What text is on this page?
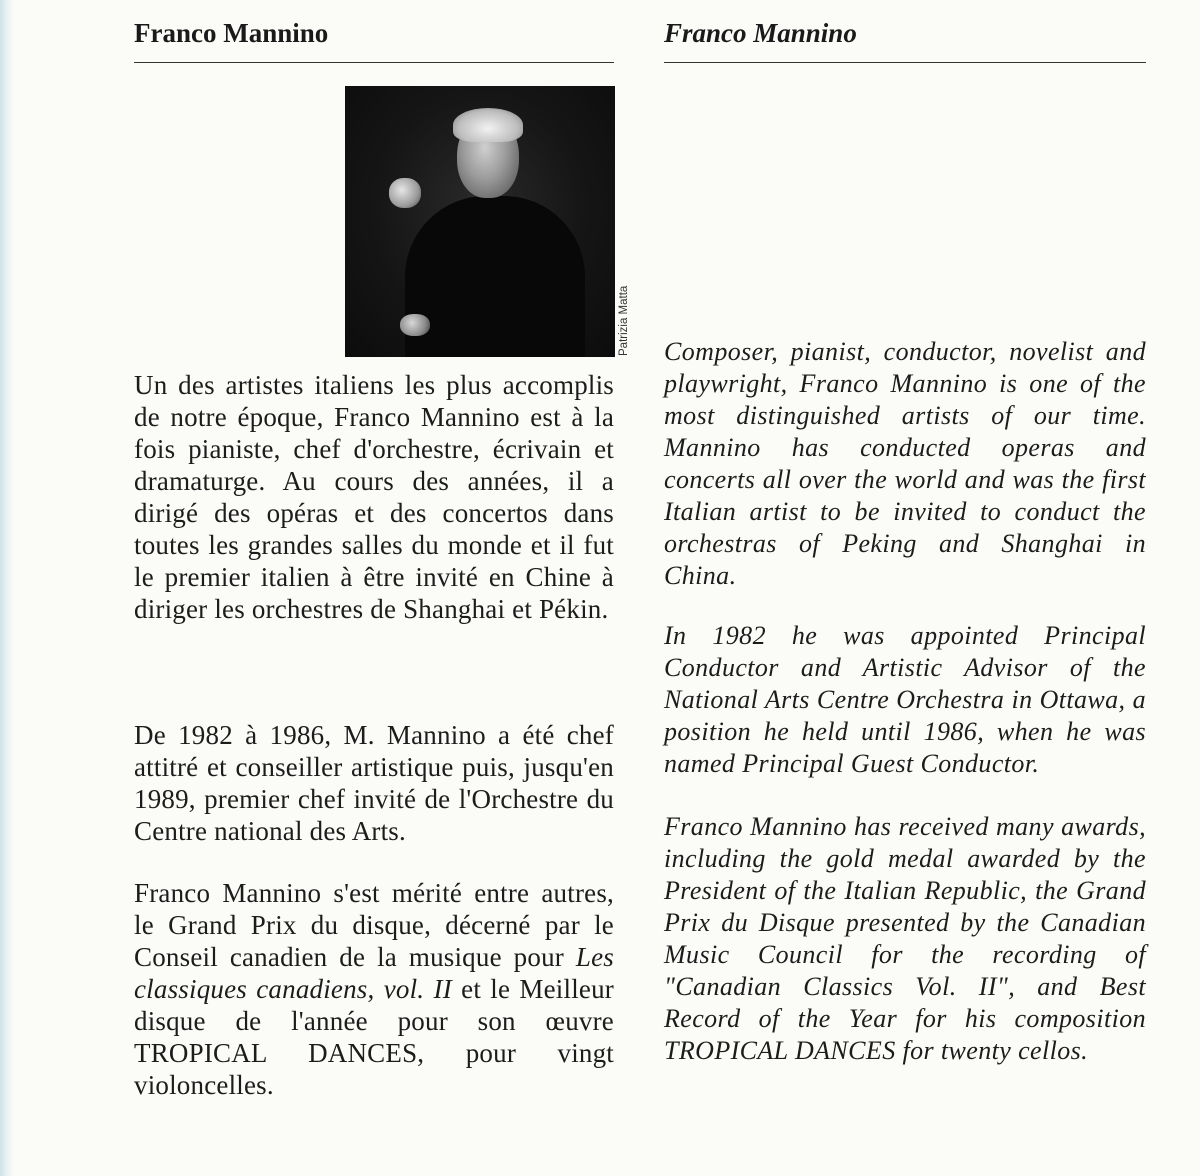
Franco Mannino

Un des artistes italiens les plus accomplis de notre époque, Franco Mannino est à la fois pianiste, chef d'orchestre, écrivain et dramaturge. Au cours des années, il a dirigé des opéras et des concertos dans toutes les grandes salles du monde et il fut le premier italien à être invité en Chine à diriger les orchestres de Shanghai et Pékin.

De 1982 à 1986, M. Mannino a été chef attitré et conseiller artistique puis, jusqu'en 1989, premier chef invité de l'Orchestre du Centre national des Arts.

Franco Mannino s'est mérité entre autres, le Grand Prix du disque, décerné par le Conseil canadien de la musique pour Les classiques canadiens, vol. II et le Meilleur disque de l'année pour son œuvre TROPICAL DANCES, pour vingt violoncelles.

Patrizia Matta
Franco Mannino

Composer, pianist, conductor, novelist and playwright, Franco Mannino is one of the most distinguished artists of our time. Mannino has conducted operas and concerts all over the world and was the first Italian artist to be invited to conduct the orchestras of Peking and Shanghai in China.

In 1982 he was appointed Principal Conductor and Artistic Advisor of the National Arts Centre Orchestra in Ottawa, a position he held until 1986, when he was named Principal Guest Conductor.

Franco Mannino has received many awards, including the gold medal awarded by the President of the Italian Republic, the Grand Prix du Disque presented by the Canadian Music Council for the recording of "Canadian Classics Vol. II", and Best Record of the Year for his composition TROPICAL DANCES for twenty cellos.
